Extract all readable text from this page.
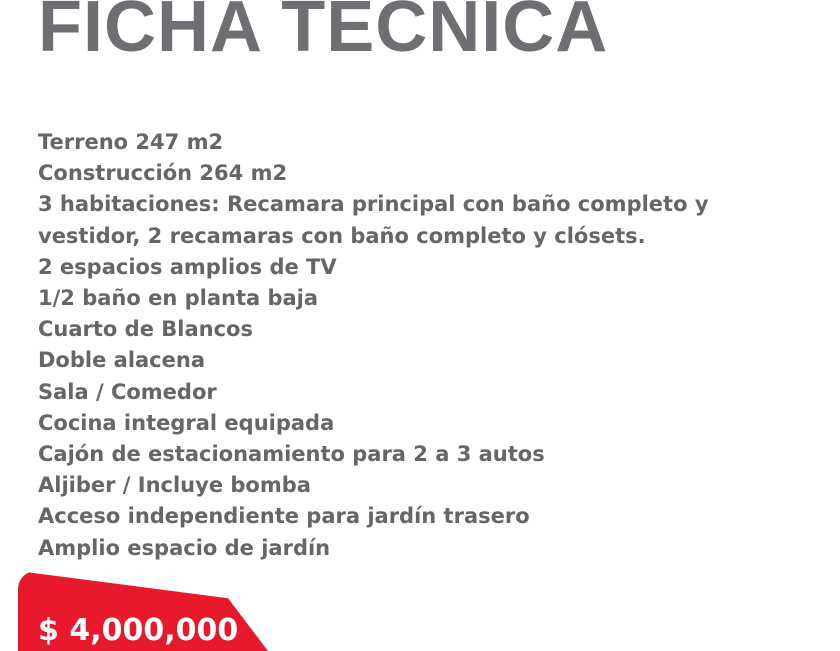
FICHA TECNICA
Terreno 247 m2
Construcción 264 m2
3 habitaciones: Recamara principal con baño completo y vestidor, 2 recamaras con baño completo y clósets.
2 espacios amplios de TV
1/2 baño en planta baja
Cuarto de Blancos
Doble alacena
Sala / Comedor
Cocina integral equipada
Cajón de estacionamiento para 2 a 3 autos
Aljiber / Incluye bomba
Acceso independiente para jardín trasero
Amplio espacio de jardín
$ 4,000,000
